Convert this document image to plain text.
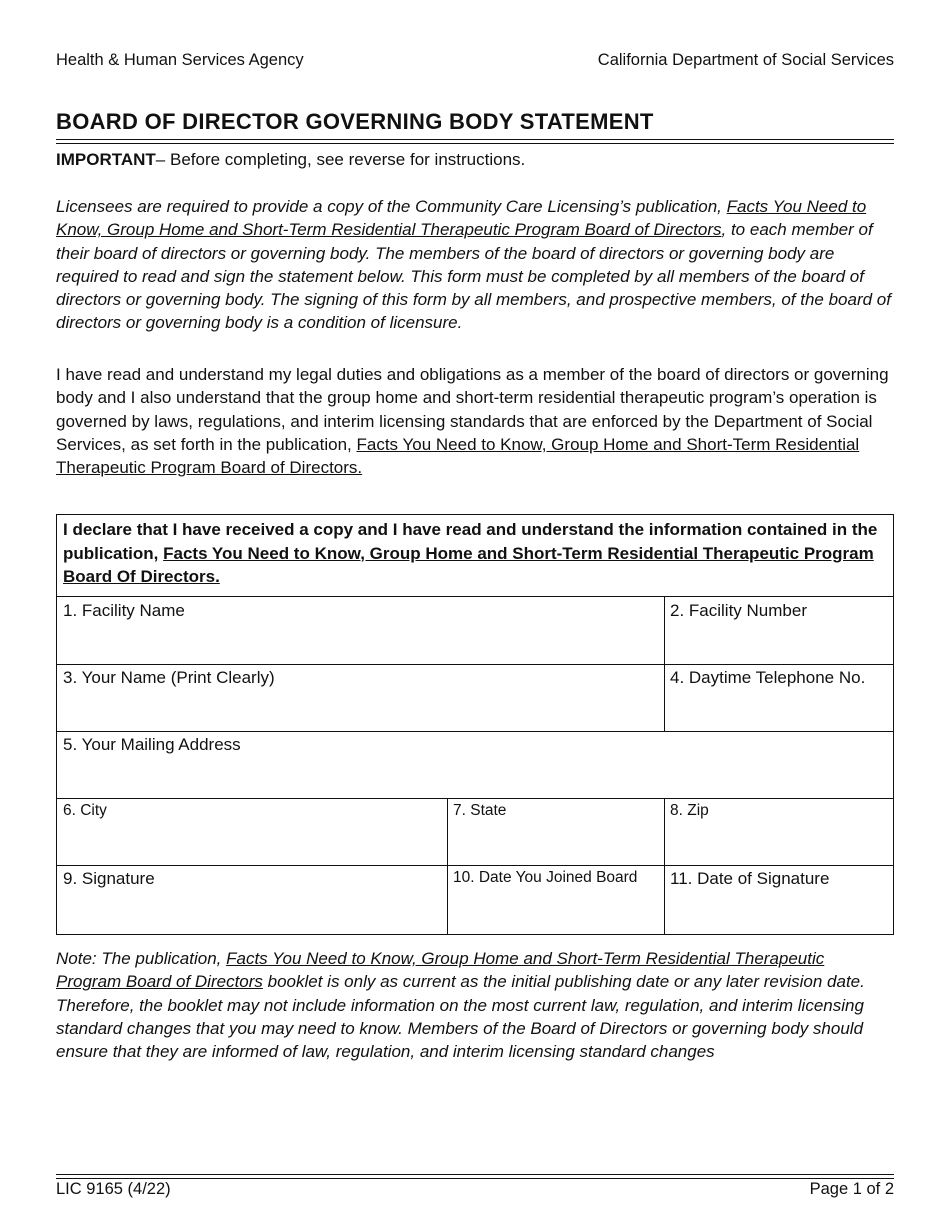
Health & Human Services Agency	California Department of Social Services
BOARD OF DIRECTOR GOVERNING BODY STATEMENT
IMPORTANT– Before completing, see reverse for instructions.
Licensees are required to provide a copy of the Community Care Licensing’s publication, Facts You Need to Know, Group Home and Short-Term Residential Therapeutic Program Board of Directors, to each member of their board of directors or governing body. The members of the board of directors or governing body are required to read and sign the statement below. This form must be completed by all members of the board of directors or governing body. The signing of this form by all members, and prospective members, of the board of directors or governing body is a condition of licensure.
I have read and understand my legal duties and obligations as a member of the board of directors or governing body and I also understand that the group home and short-term residential therapeutic program’s operation is governed by laws, regulations, and interim licensing standards that are enforced by the Department of Social Services, as set forth in the publication, Facts You Need to Know, Group Home and Short-Term Residential Therapeutic Program Board of Directors.
I declare that I have received a copy and I have read and understand the information contained in the publication, Facts You Need to Know, Group Home and Short-Term Residential Therapeutic Program Board Of Directors.
1. Facility Name	2. Facility Number
3. Your Name (Print Clearly)	4. Daytime Telephone No.
5. Your Mailing Address
6. City	7. State	8. Zip
9. Signature	10. Date You Joined Board	11. Date of Signature
Note: The publication, Facts You Need to Know, Group Home and Short-Term Residential Therapeutic Program Board of Directors booklet is only as current as the initial publishing date or any later revision date. Therefore, the booklet may not include information on the most current law, regulation, and interim licensing standard changes that you may need to know. Members of the Board of Directors or governing body should ensure that they are informed of law, regulation, and interim licensing standard changes
LIC 9165 (4/22)	Page 1 of 2
